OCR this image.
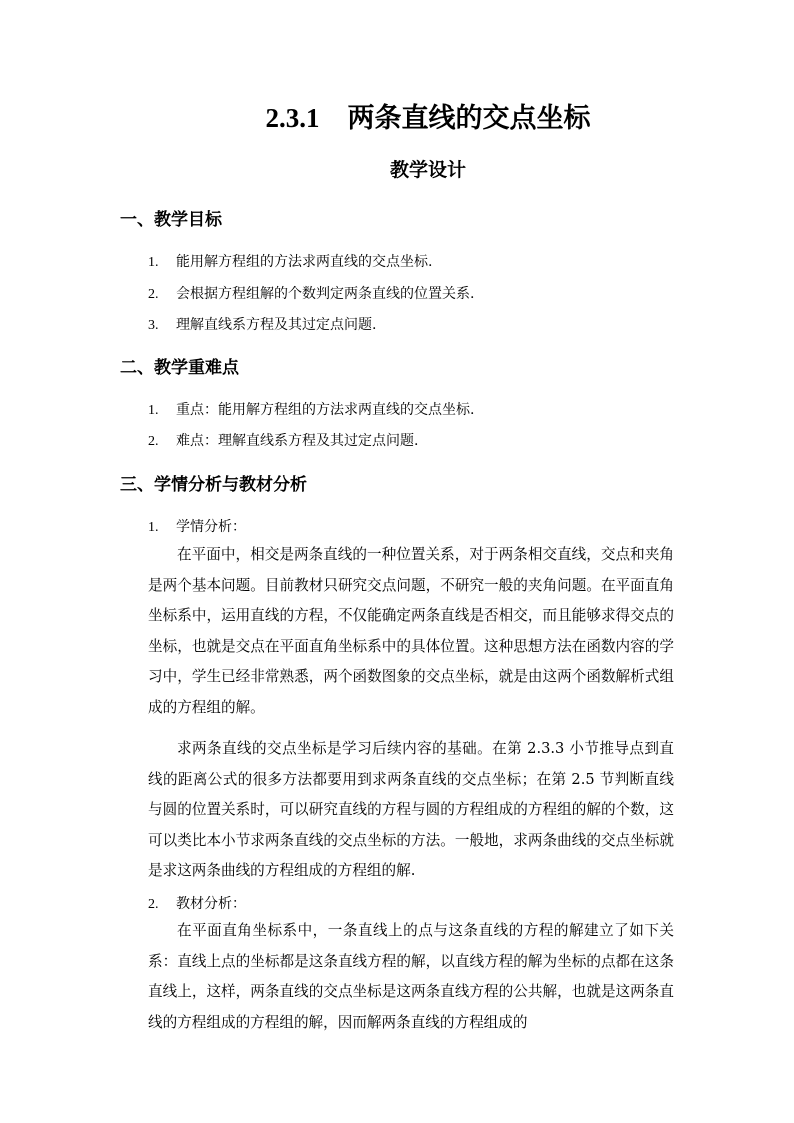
2.3.1 两条直线的交点坐标
教学设计
一、教学目标
1. 能用解方程组的方法求两直线的交点坐标.
2. 会根据方程组解的个数判定两条直线的位置关系.
3. 理解直线系方程及其过定点问题.
二、教学重难点
1. 重点：能用解方程组的方法求两直线的交点坐标.
2. 难点：理解直线系方程及其过定点问题.
三、学情分析与教材分析
1. 学情分析：
在平面中，相交是两条直线的一种位置关系，对于两条相交直线，交点和夹角是两个基本问题。目前教材只研究交点问题，不研究一般的夹角问题。在平面直角坐标系中，运用直线的方程，不仅能确定两条直线是否相交，而且能够求得交点的坐标，也就是交点在平面直角坐标系中的具体位置。这种思想方法在函数内容的学习中，学生已经非常熟悉，两个函数图象的交点坐标，就是由这两个函数解析式组成的方程组的解。
求两条直线的交点坐标是学习后续内容的基础。在第 2.3.3 小节推导点到直线的距离公式的很多方法都要用到求两条直线的交点坐标；在第 2.5 节判断直线与圆的位置关系时，可以研究直线的方程与圆的方程组成的方程组的解的个数，这可以类比本小节求两条直线的交点坐标的方法。一般地，求两条曲线的交点坐标就是求这两条曲线的方程组成的方程组的解.
2. 教材分析：
在平面直角坐标系中，一条直线上的点与这条直线的方程的解建立了如下关系：直线上点的坐标都是这条直线方程的解，以直线方程的解为坐标的点都在这条直线上，这样，两条直线的交点坐标是这两条直线方程的公共解，也就是这两条直线的方程组成的方程组的解，因而解两条直线的方程组成的
